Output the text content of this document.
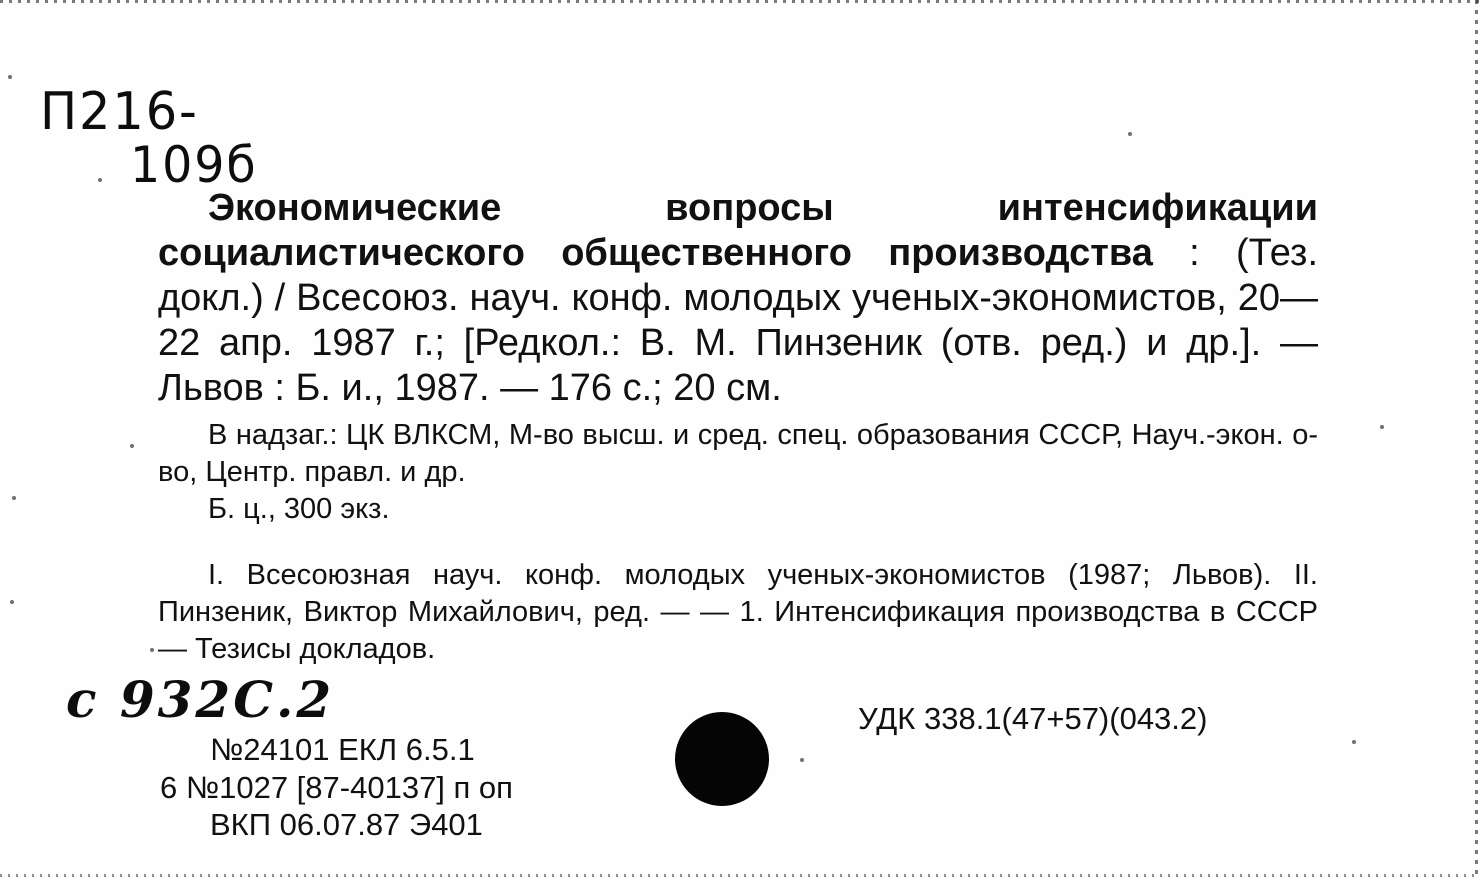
П216-
109б
Экономические вопросы интенсификации социалистического общественного производства : (Тез. докл.) / Всесоюз. науч. конф. молодых ученых-экономистов, 20—22 апр. 1987 г.; [Редкол.: В. М. Пинзеник (отв. ред.) и др.]. — Львов : Б. и., 1987. — 176 с.; 20 см.
В надзаг.: ЦК ВЛКСМ, М-во высш. и сред. спец. образования СССР, Науч.-экон. о-во, Центр. правл. и др.
Б. ц., 300 экз.
I. Всесоюзная науч. конф. молодых ученых-экономистов (1987; Львов). II. Пинзеник, Виктор Михайлович, ред. — — 1. Интенсификация производства в СССР — Тезисы докладов.
с 932С.2
№24101 ЕКЛ 6.5.1
6 №1027 [87-40137] п оп
ВКП 06.07.87 Э401
УДК 338.1(47+57)(043.2)
